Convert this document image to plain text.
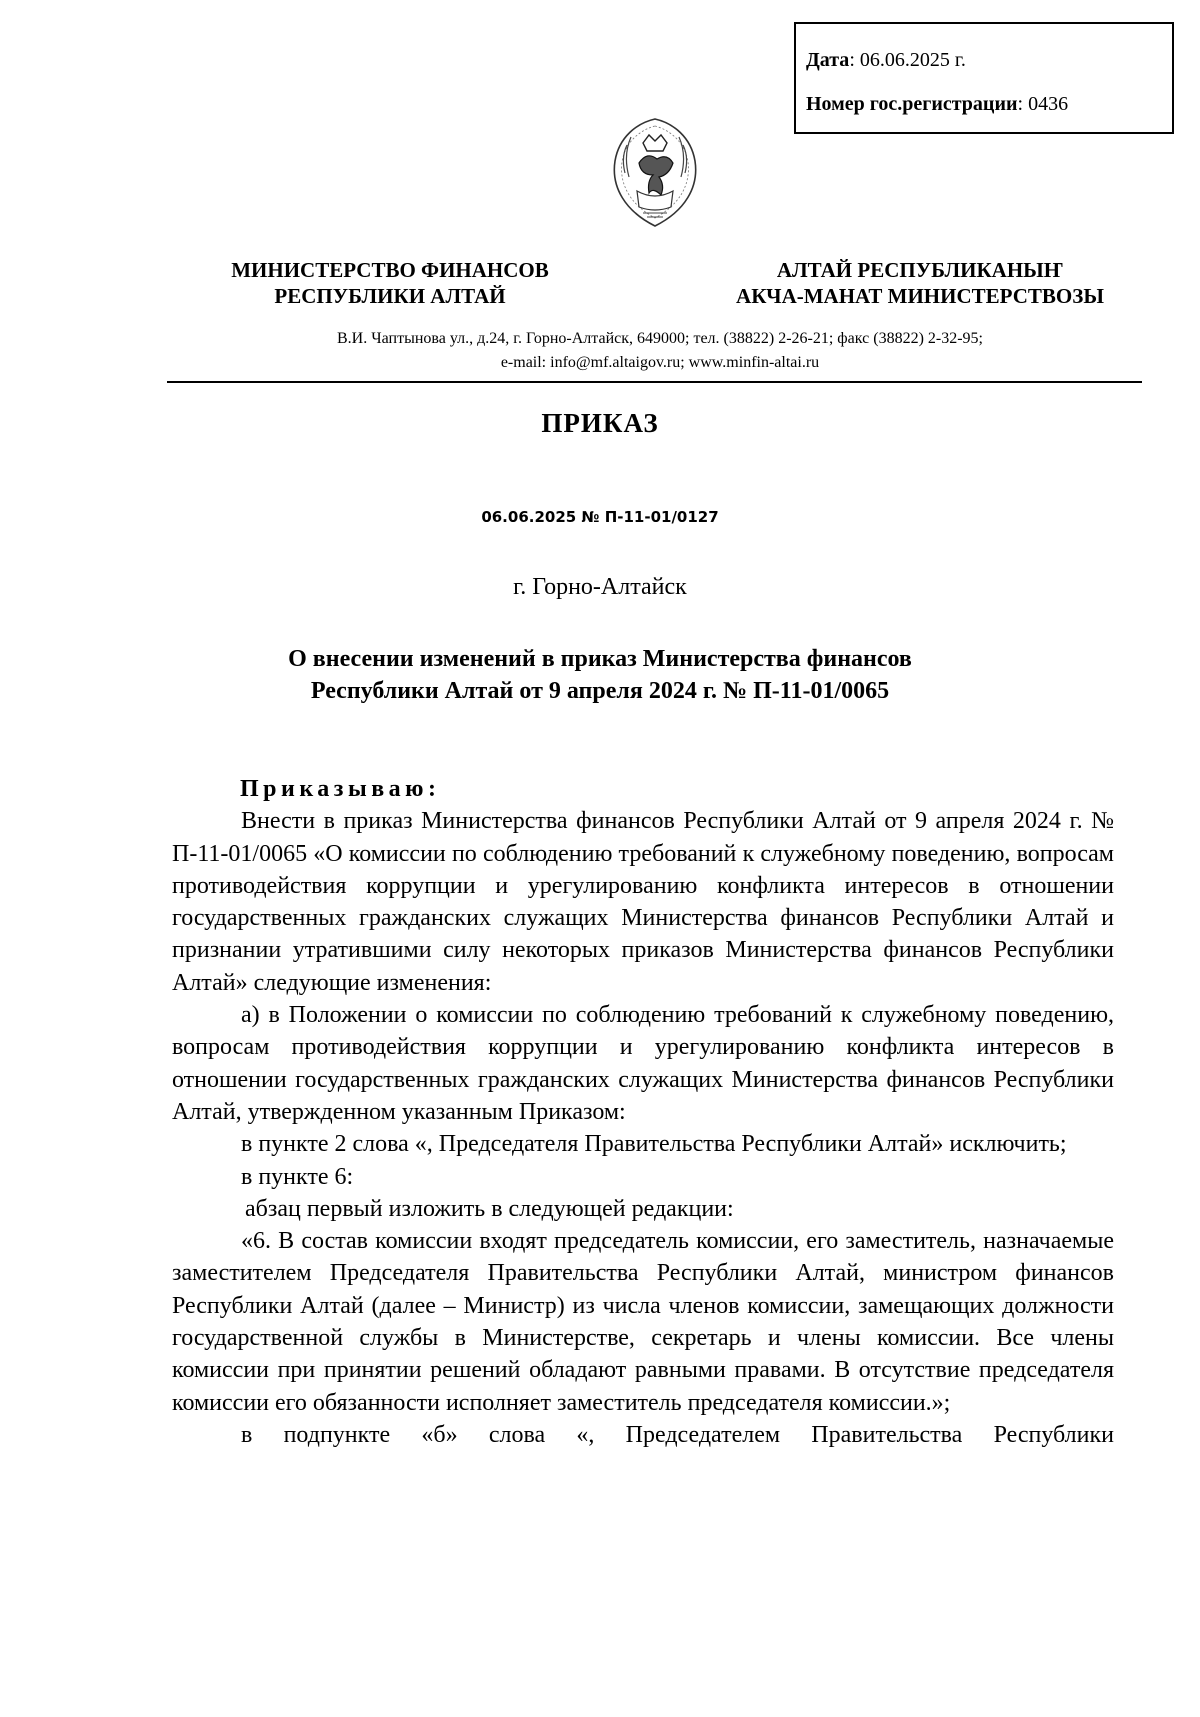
Дата: 06.06.2025 г.
Номер гос.регистрации: 0436
МИНИСТЕРСТВО ФИНАНСОВ
РЕСПУБЛИКИ АЛТАЙ
АЛТАЙ РЕСПУБЛИКАНЫҤ
АКЧА-МАНАТ МИНИСТЕРСТВОЗЫ
В.И. Чаптынова ул., д.24, г. Горно-Алтайск, 649000; тел. (38822) 2-26-21; факс (38822) 2-32-95;
e-mail: info@mf.altaigov.ru; www.minfin-altai.ru
ПРИКАЗ
06.06.2025 № П-11-01/0127
г. Горно-Алтайск
О внесении изменений в приказ Министерства финансов
Республики Алтай от 9 апреля 2024 г. № П-11-01/0065
Приказываю:
Внести в приказ Министерства финансов Республики Алтай от 9 апреля 2024 г. № П-11-01/0065 «О комиссии по соблюдению требований к служебному поведению, вопросам противодействия коррупции и урегулированию конфликта интересов в отношении государственных гражданских служащих Министерства финансов Республики Алтай и признании утратившими силу некоторых приказов Министерства финансов Республики Алтай» следующие изменения:
а) в Положении о комиссии по соблюдению требований к служебному поведению, вопросам противодействия коррупции и урегулированию конфликта интересов в отношении государственных гражданских служащих Министерства финансов Республики Алтай, утвержденном указанным Приказом:
в пункте 2 слова «, Председателя Правительства Республики Алтай» исключить;
в пункте 6:
абзац первый изложить в следующей редакции:
«6. В состав комиссии входят председатель комиссии, его заместитель, назначаемые заместителем Председателя Правительства Республики Алтай, министром финансов Республики Алтай (далее – Министр) из числа членов комиссии, замещающих должности государственной службы в Министерстве, секретарь и члены комиссии. Все члены комиссии при принятии решений обладают равными правами. В отсутствие председателя комиссии его обязанности исполняет заместитель председателя комиссии.»;
в подпункте «б» слова «, Председателем Правительства Республики
